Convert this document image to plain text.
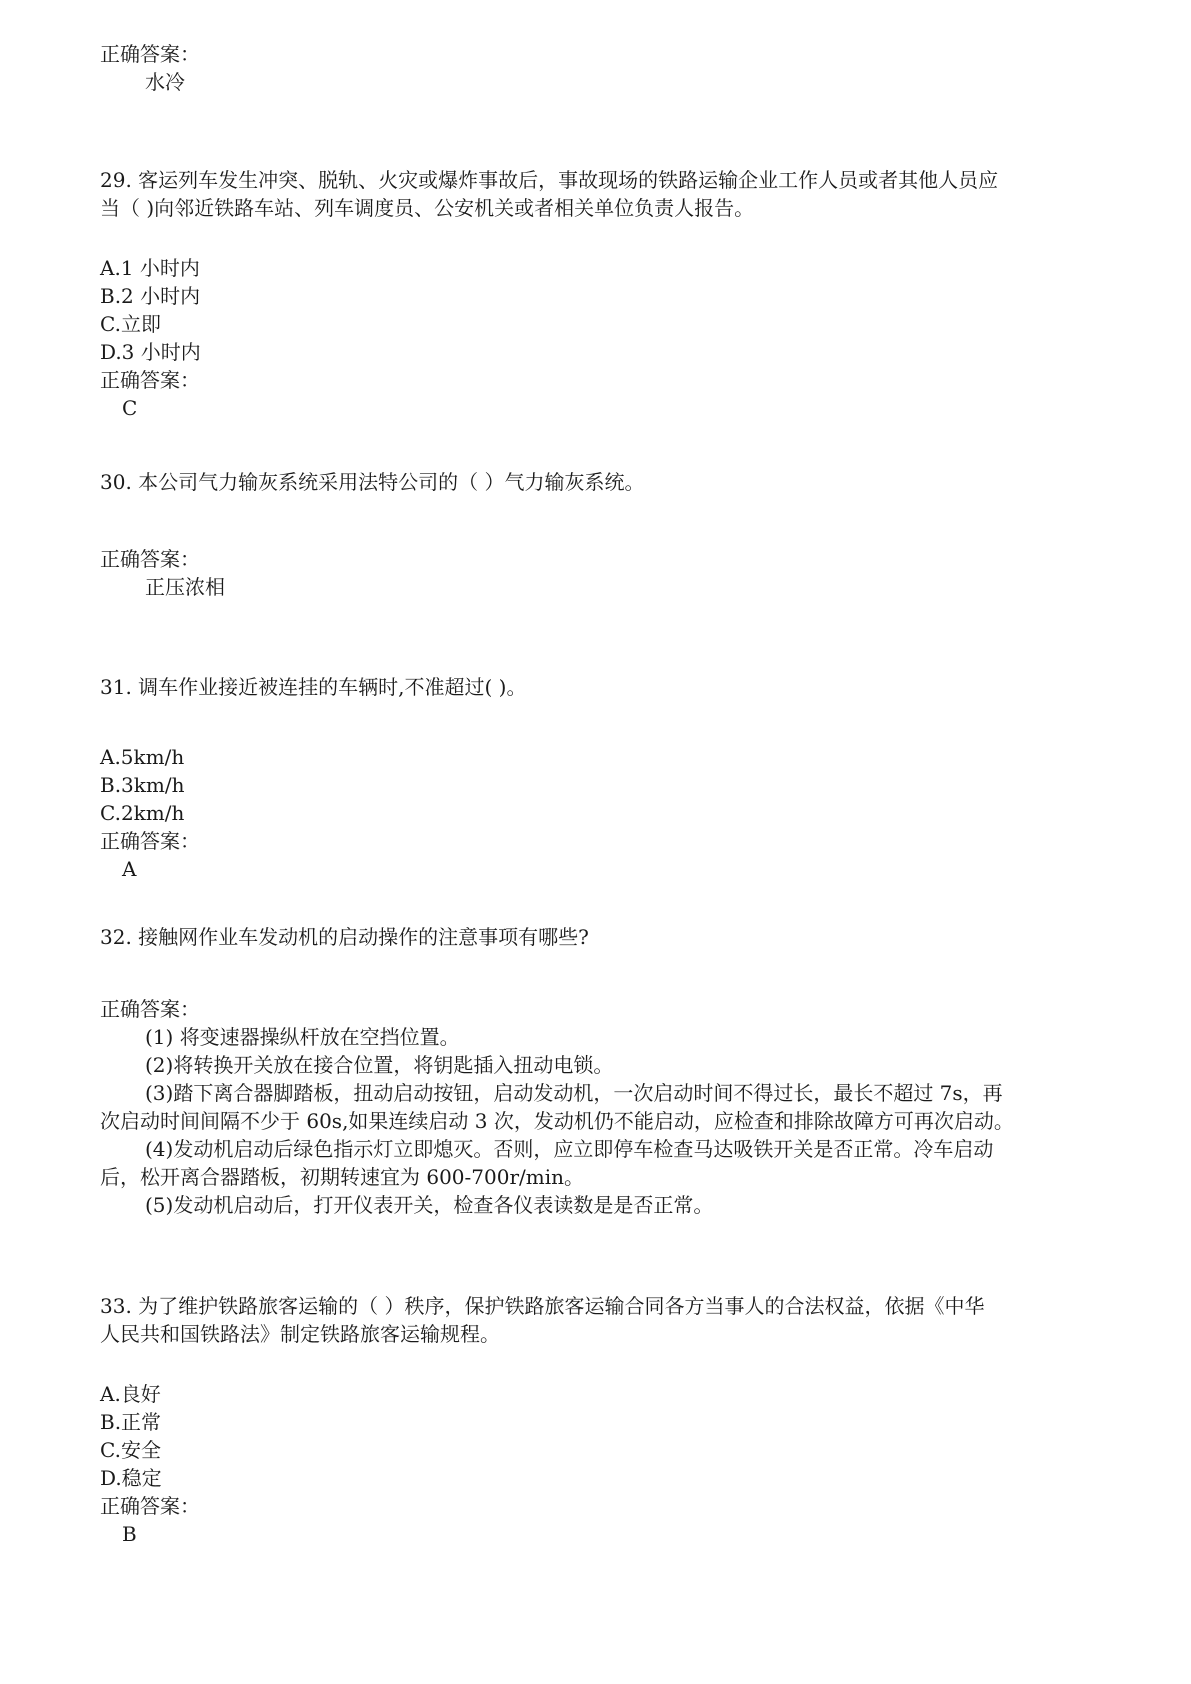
正确答案：
水冷
29. 客运列车发生冲突、脱轨、火灾或爆炸事故后，事故现场的铁路运输企业工作人员或者其他人员应
当（ )向邻近铁路车站、列车调度员、公安机关或者相关单位负责人报告。
A.1 小时内
B.2 小时内
C.立即
D.3 小时内
正确答案：
C
30. 本公司气力输灰系统采用法特公司的（ ）气力输灰系统。
正确答案：
正压浓相
31. 调车作业接近被连挂的车辆时,不准超过( )。
A.5km/h
B.3km/h
C.2km/h
正确答案：
A
32. 接触网作业车发动机的启动操作的注意事项有哪些?
正确答案：
(1) 将变速器操纵杆放在空挡位置。
(2)将转换开关放在接合位置，将钥匙插入扭动电锁。
(3)踏下离合器脚踏板，扭动启动按钮，启动发动机，一次启动时间不得过长，最长不超过 7s，再
次启动时间间隔不少于 60s,如果连续启动 3 次，发动机仍不能启动，应检查和排除故障方可再次启动。
(4)发动机启动后绿色指示灯立即熄灭。否则，应立即停车检查马达吸铁开关是否正常。冷车启动
后，松开离合器踏板，初期转速宜为 600-700r/min。
(5)发动机启动后，打开仪表开关，检查各仪表读数是是否正常。
33. 为了维护铁路旅客运输的（ ）秩序，保护铁路旅客运输合同各方当事人的合法权益，依据《中华
人民共和国铁路法》制定铁路旅客运输规程。
A.良好
B.正常
C.安全
D.稳定
正确答案：
B
